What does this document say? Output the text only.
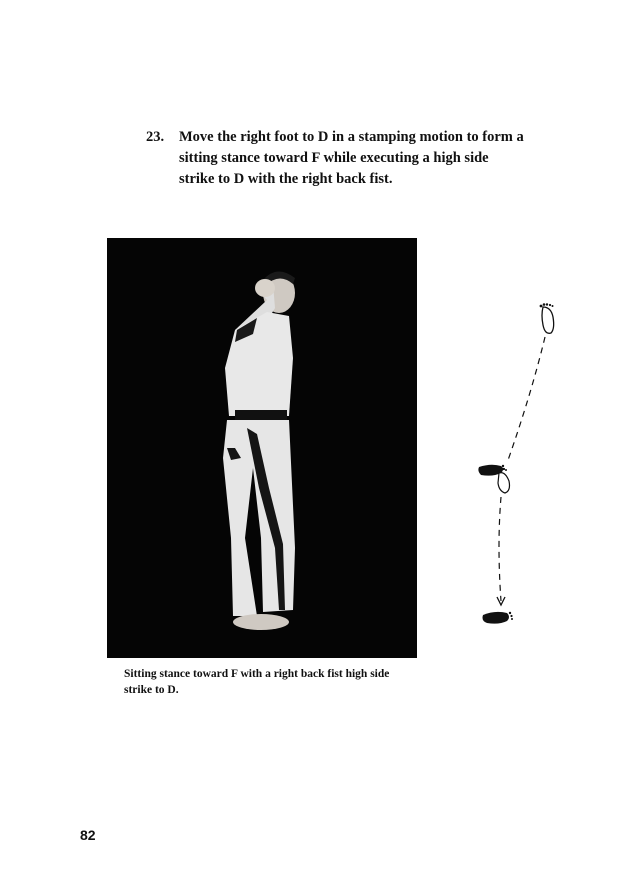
23.	Move the right foot to D in a stamping motion to form a sitting stance toward F while executing a high side strike to D with the right back fist.
Sitting stance toward F with a right back fist high side strike to D.
82
